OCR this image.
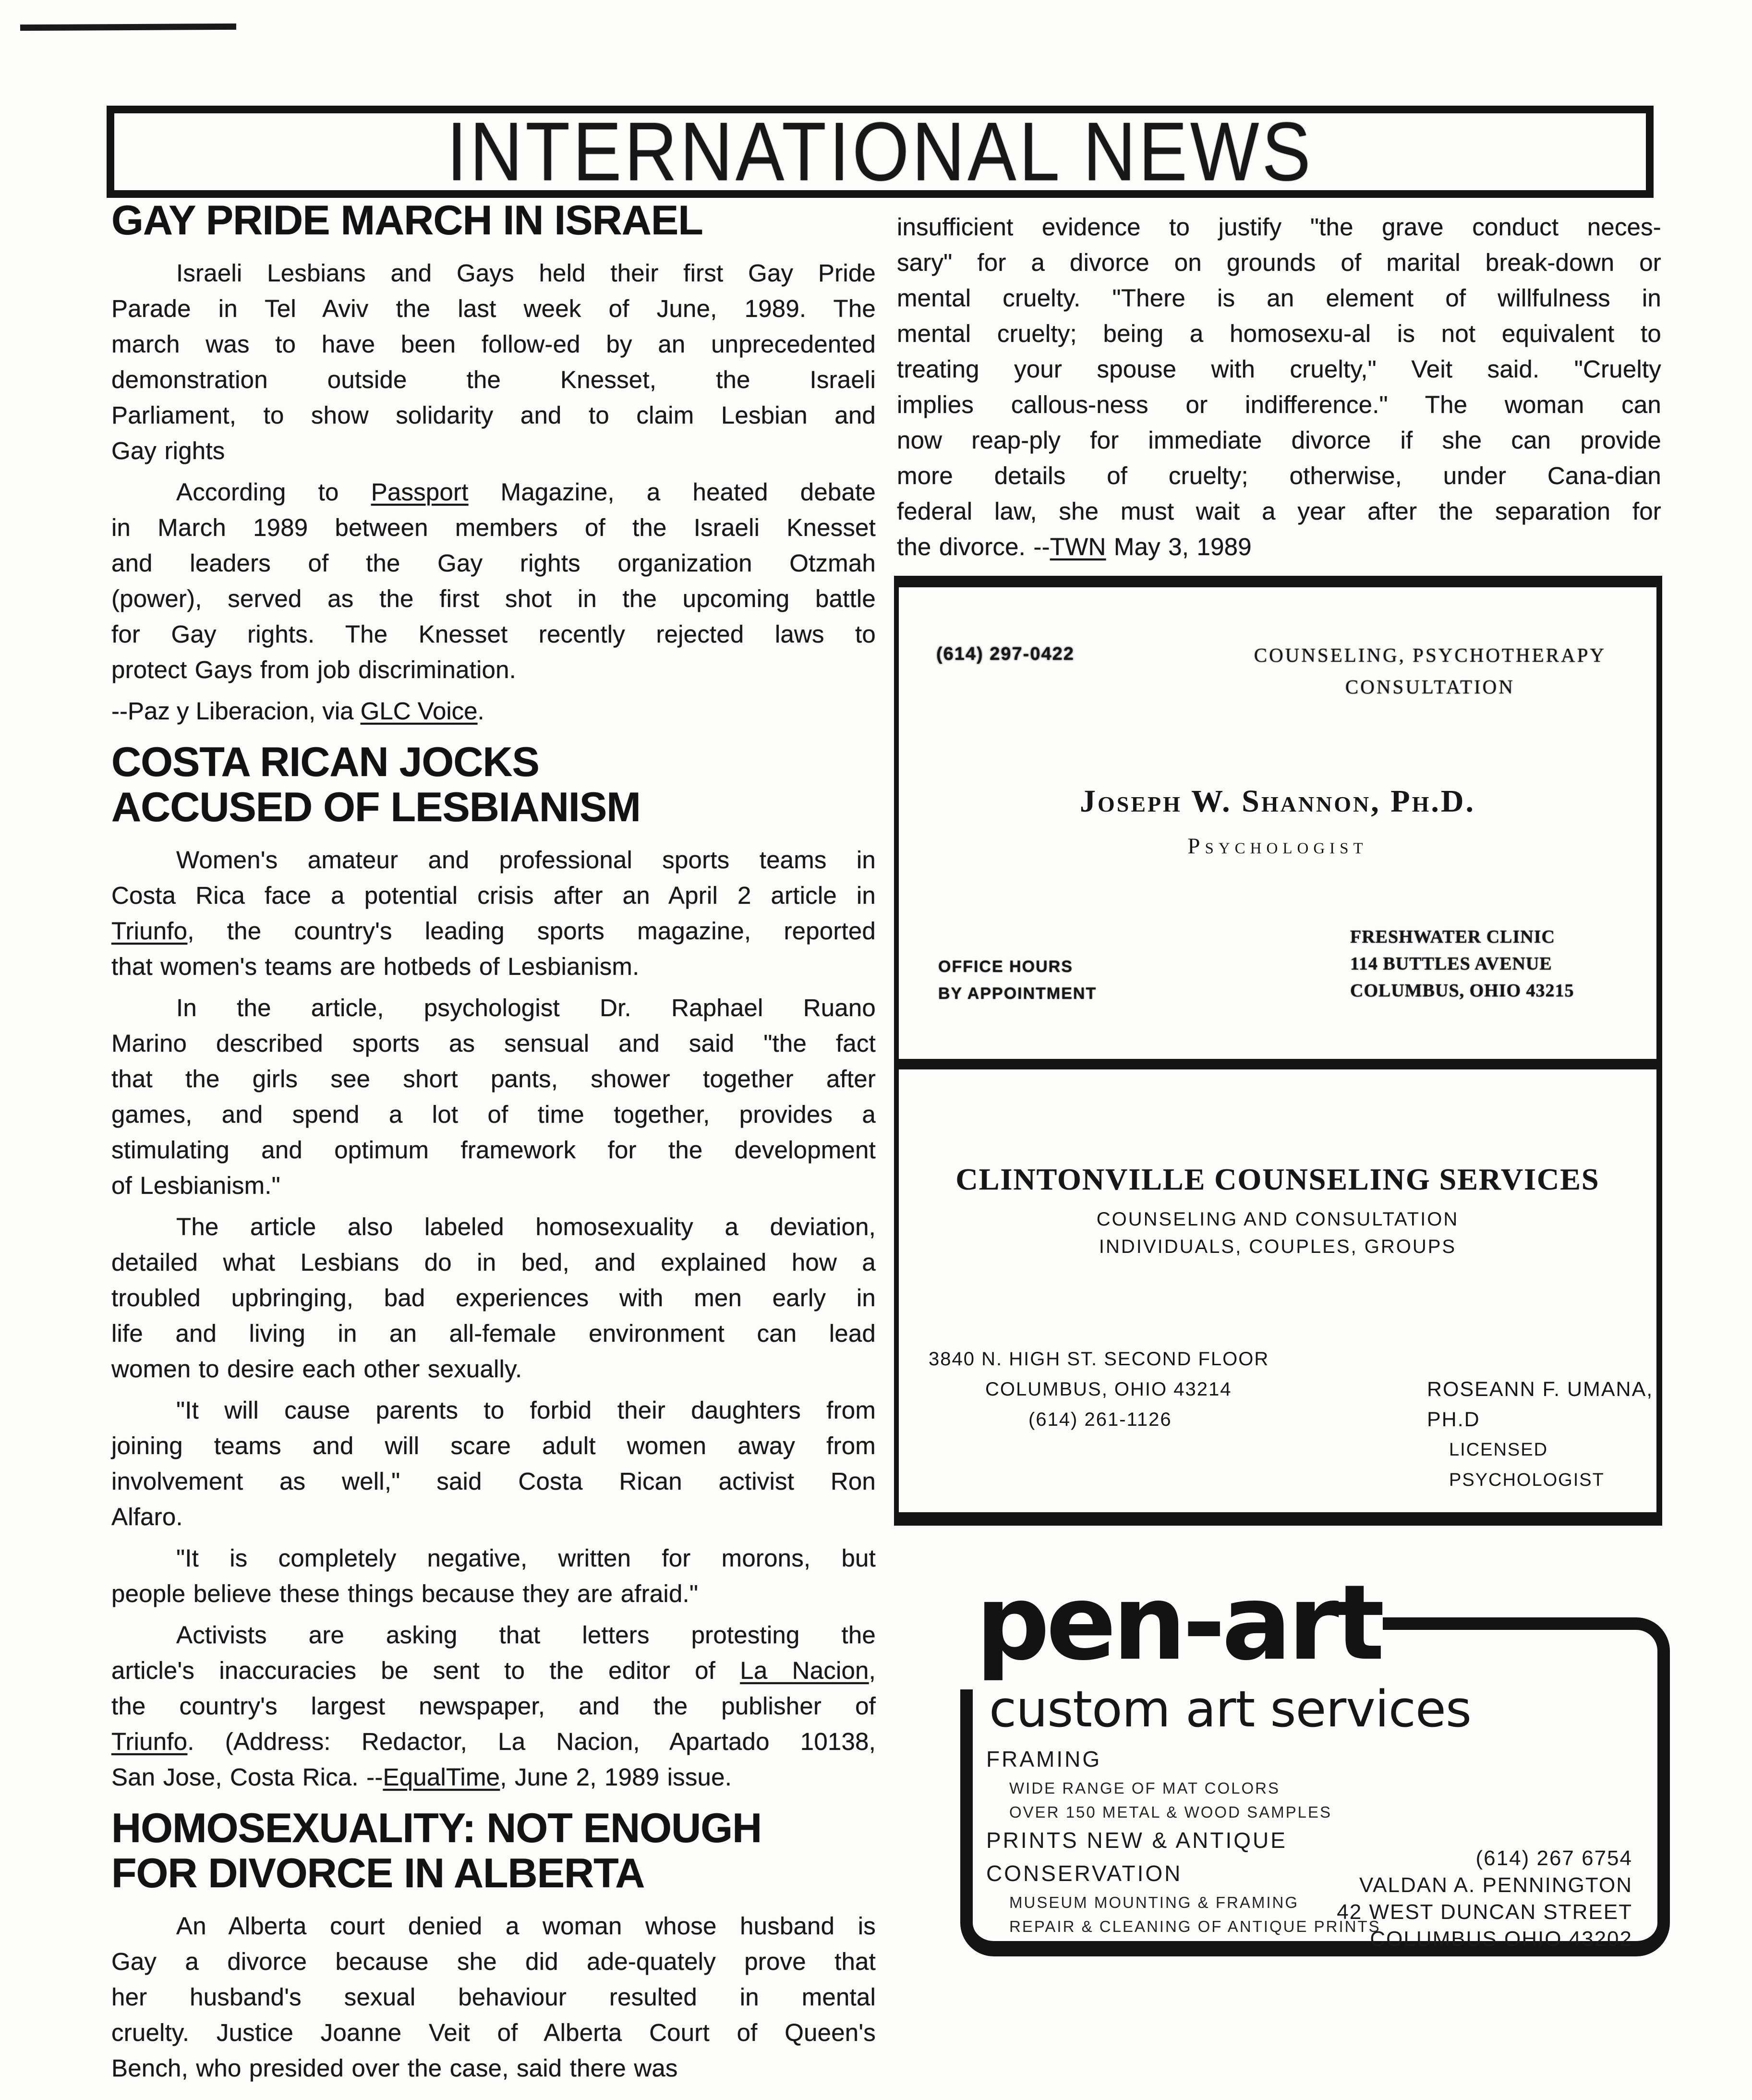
INTERNATIONAL NEWS
GAY PRIDE MARCH IN ISRAEL
Israeli Lesbians and Gays held their first Gay Pride
Parade in Tel Aviv the last week of June, 1989. The
march was to have been follow-ed by an unprecedented
demonstration outside the Knesset, the Israeli
Parliament, to show solidarity and to claim Lesbian and
Gay rights
According to Passport Magazine, a heated debate
in March 1989 between members of the Israeli Knesset
and leaders of the Gay rights organization Otzmah
(power), served as the first shot in the upcoming battle
for Gay rights. The Knesset recently rejected laws to
protect Gays from job discrimination.
--Paz y Liberacion, via GLC Voice.
COSTA RICAN JOCKS
ACCUSED OF LESBIANISM
Women's amateur and professional sports teams in
Costa Rica face a potential crisis after an April 2 article in
Triunfo, the country's leading sports magazine, reported
that women's teams are hotbeds of Lesbianism.
In the article, psychologist Dr. Raphael Ruano
Marino described sports as sensual and said "the fact
that the girls see short pants, shower together after
games, and spend a lot of time together, provides a
stimulating and optimum framework for the development
of Lesbianism."
The article also labeled homosexuality a deviation,
detailed what Lesbians do in bed, and explained how a
troubled upbringing, bad experiences with men early in
life and living in an all-female environment can lead
women to desire each other sexually.
"It will cause parents to forbid their daughters from
joining teams and will scare adult women away from
involvement as well," said Costa Rican activist Ron
Alfaro.
"It is completely negative, written for morons, but
people believe these things because they are afraid."
Activists are asking that letters protesting the
article's inaccuracies be sent to the editor of La Nacion,
the country's largest newspaper, and the publisher of
Triunfo. (Address: Redactor, La Nacion, Apartado 10138,
San Jose, Costa Rica. --EqualTime, June 2, 1989 issue.
HOMOSEXUALITY: NOT ENOUGH
FOR DIVORCE IN ALBERTA
An Alberta court denied a woman whose husband is
Gay a divorce because she did ade-quately prove that
her husband's sexual behaviour resulted in mental
cruelty. Justice Joanne Veit of Alberta Court of Queen's
Bench, who presided over the case, said there was
insufficient evidence to justify "the grave conduct neces-
sary" for a divorce on grounds of marital break-down or
mental cruelty. "There is an element of willfulness in
mental cruelty; being a homosexu-al is not equivalent to
treating your spouse with cruelty," Veit said. "Cruelty
implies callous-ness or indifference." The woman can
now reap-ply for immediate divorce if she can provide
more details of cruelty; otherwise, under Cana-dian
federal law, she must wait a year after the separation for
the divorce. --TWN May 3, 1989
(614) 297-0422	COUNSELING, PSYCHOTHERAPY
CONSULTATION
Joseph W. Shannon, Ph.D.
Psychologist
OFFICE HOURS
BY APPOINTMENT
FRESHWATER CLINIC
114 BUTTLES AVENUE
COLUMBUS, OHIO 43215
CLINTONVILLE COUNSELING SERVICES
COUNSELING AND CONSULTATION
INDIVIDUALS, COUPLES, GROUPS
3840 N. HIGH ST. SECOND FLOOR
COLUMBUS, OHIO 43214
(614) 261-1126
ROSEANN F. UMANA, PH.D
LICENSED PSYCHOLOGIST
pen-art
custom art services
FRAMING
WIDE RANGE OF MAT COLORS
OVER 150 METAL & WOOD SAMPLES
PRINTS NEW & ANTIQUE
CONSERVATION
MUSEUM MOUNTING & FRAMING
REPAIR & CLEANING OF ANTIQUE PRINTS
(614) 267 6754
VALDAN A. PENNINGTON
42 WEST DUNCAN STREET
COLUMBUS OHIO 43202
